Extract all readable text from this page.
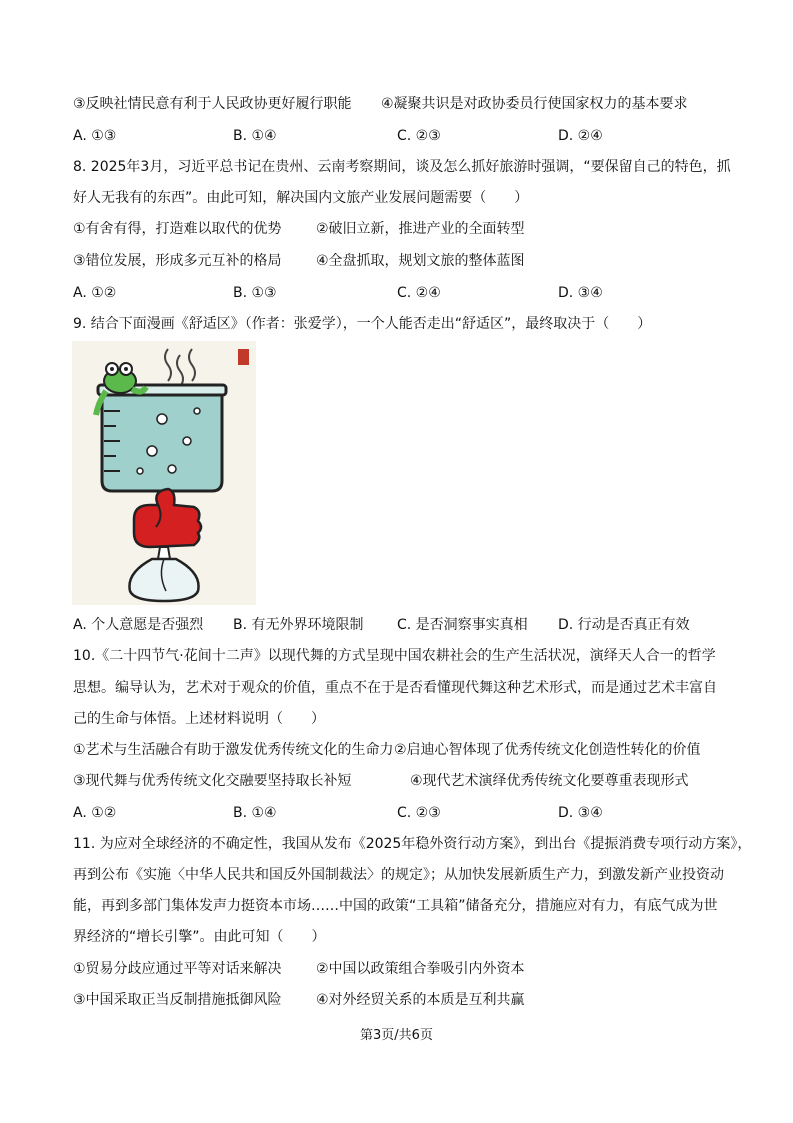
③反映社情民意有利于人民政协更好履行职能 ④凝聚共识是对政协委员行使国家权力的基本要求
A. ①③	B. ①④	C. ②③	D. ②④
8. 2025年3月，习近平总书记在贵州、云南考察期间，谈及怎么抓好旅游时强调，“要保留自己的特色，抓
好人无我有的东西”。由此可知，解决国内文旅产业发展问题需要（　　）
①有舍有得，打造难以取代的优势 ②破旧立新，推进产业的全面转型
③错位发展，形成多元互补的格局 ④全盘抓取，规划文旅的整体蓝图
A. ①②	B. ①③	C. ②④	D. ③④
9. 结合下面漫画《舒适区》（作者：张爱学），一个人能否走出“舒适区”，最终取决于（　　）
A. 个人意愿是否强烈 B. 有无外界环境限制 C. 是否洞察事实真相 D. 行动是否真正有效
10.《二十四节气·花间十二声》以现代舞的方式呈现中国农耕社会的生产生活状况，演绎天人合一的哲学
思想。编导认为，艺术对于观众的价值，重点不在于是否看懂现代舞这种艺术形式，而是通过艺术丰富自
己的生命与体悟。上述材料说明（　　）
①艺术与生活融合有助于激发优秀传统文化的生命力 ②启迪心智体现了优秀传统文化创造性转化的价值
③现代舞与优秀传统文化交融要坚持取长补短	④现代艺术演绎优秀传统文化要尊重表现形式
A. ①②	B. ①④	C. ②③	D. ③④
11. 为应对全球经济的不确定性，我国从发布《2025年稳外资行动方案》，到出台《提振消费专项行动方案》，
再到公布《实施〈中华人民共和国反外国制裁法〉的规定》；从加快发展新质生产力，到激发新产业投资动
能，再到多部门集体发声力挺资本市场……中国的政策“工具箱”储备充分，措施应对有力，有底气成为世
界经济的“增长引擎”。由此可知（　　）
①贸易分歧应通过平等对话来解决 ②中国以政策组合拳吸引内外资本
③中国采取正当反制措施抵御风险 ④对外经贸关系的本质是互利共赢
第3页/共6页
